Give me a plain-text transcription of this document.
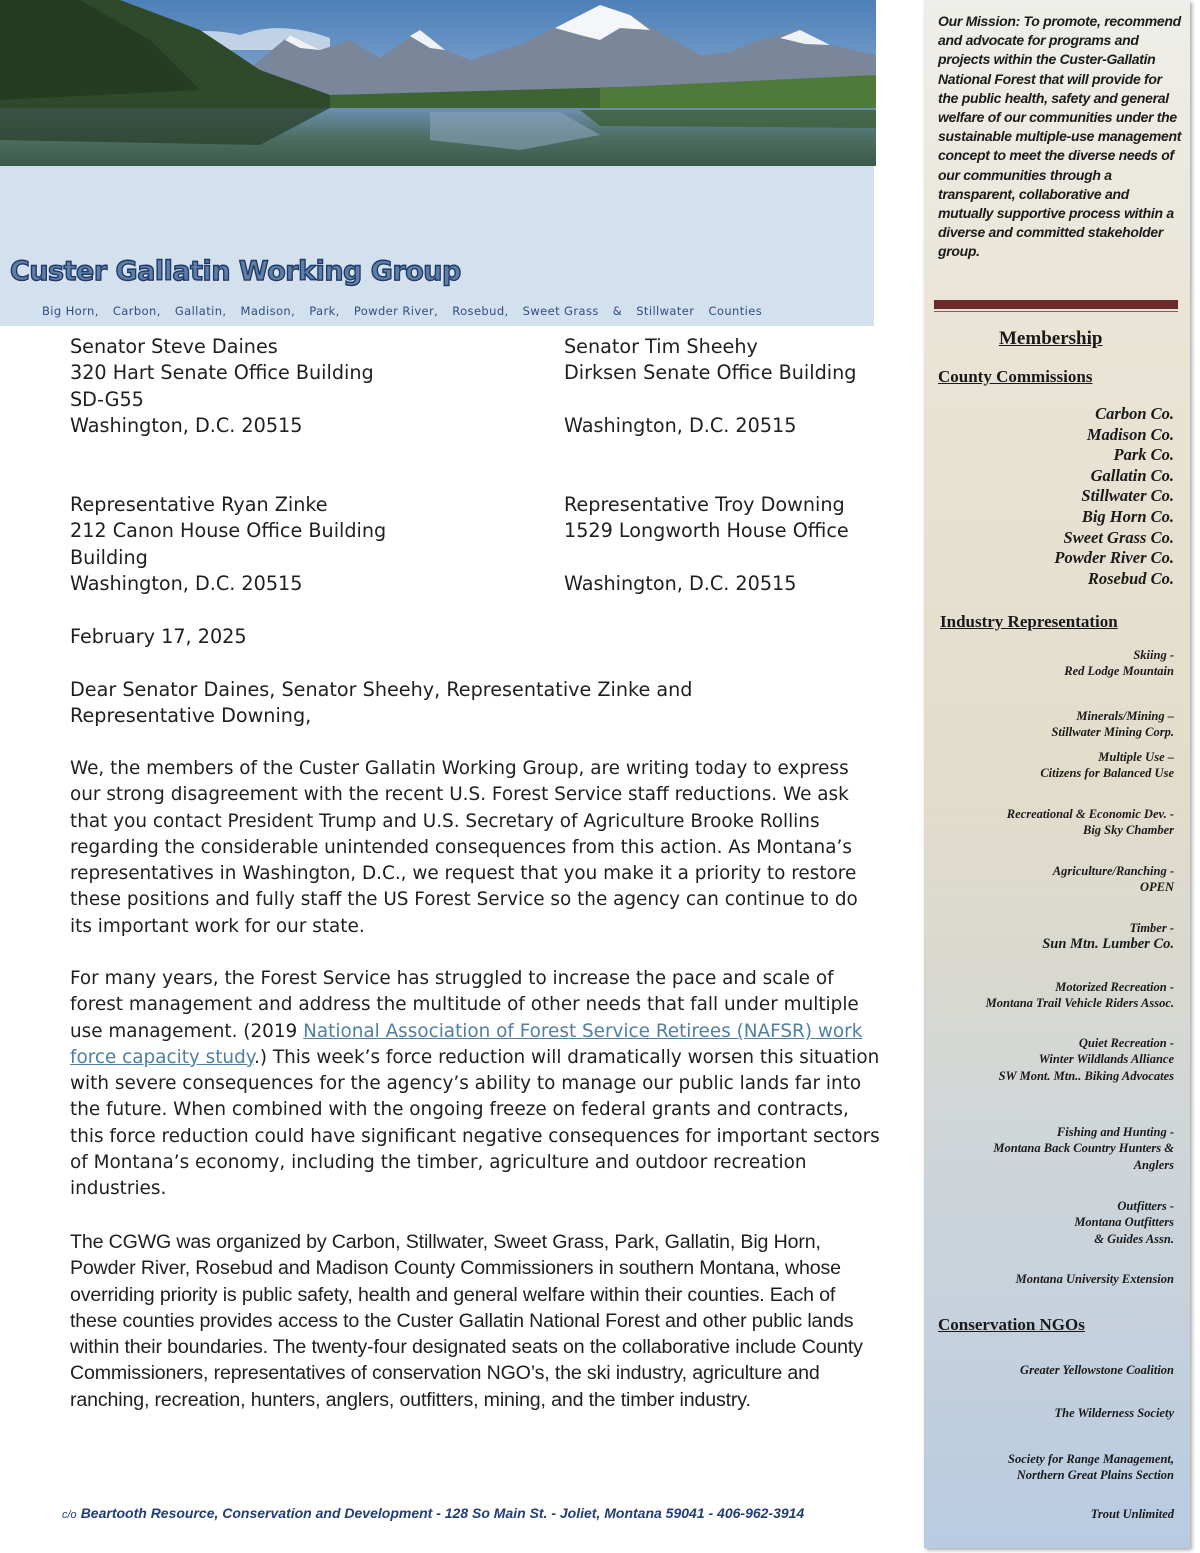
Custer Gallatin Working Group
Big Horn, Carbon, Gallatin, Madison, Park, Powder River, Rosebud, Sweet Grass & Stillwater Counties
Senator Steve Daines
320 Hart Senate Office Building
SD-G55
Washington, D.C. 20515
Senator Tim Sheehy
Dirksen Senate Office Building
Washington, D.C. 20515
Representative Ryan Zinke
212 Canon House Office Building
Building
Washington, D.C. 20515
Representative Troy Downing
1529 Longworth House Office
Washington, D.C. 20515
February 17, 2025
Dear Senator Daines, Senator Sheehy, Representative Zinke and Representative Downing,
We, the members of the Custer Gallatin Working Group, are writing today to express our strong disagreement with the recent U.S. Forest Service staff reductions. We ask that you contact President Trump and U.S. Secretary of Agriculture Brooke Rollins regarding the considerable unintended consequences from this action. As Montana’s representatives in Washington, D.C., we request that you make it a priority to restore these positions and fully staff the US Forest Service so the agency can continue to do its important work for our state.
For many years, the Forest Service has struggled to increase the pace and scale of forest management and address the multitude of other needs that fall under multiple use management. (2019 National Association of Forest Service Retirees (NAFSR) work force capacity study.) This week’s force reduction will dramatically worsen this situation with severe consequences for the agency’s ability to manage our public lands far into the future. When combined with the ongoing freeze on federal grants and contracts, this force reduction could have significant negative consequences for important sectors of Montana’s economy, including the timber, agriculture and outdoor recreation industries.
The CGWG was organized by Carbon, Stillwater, Sweet Grass, Park, Gallatin, Big Horn, Powder River, Rosebud and Madison County Commissioners in southern Montana, whose overriding priority is public safety, health and general welfare within their counties. Each of these counties provides access to the Custer Gallatin National Forest and other public lands within their boundaries. The twenty-four designated seats on the collaborative include County Commissioners, representatives of conservation NGO’s, the ski industry, agriculture and ranching, recreation, hunters, anglers, outfitters, mining, and the timber industry.
c/o Beartooth Resource, Conservation and Development - 128 So Main St. - Joliet, Montana 59041 - 406-962-3914
Our Mission: To promote, recommend and advocate for programs and projects within the Custer-Gallatin National Forest that will provide for the public health, safety and general welfare of our communities under the sustainable multiple-use management concept to meet the diverse needs of our communities through a transparent, collaborative and mutually supportive process within a diverse and committed stakeholder group.
Membership
County Commissions
Carbon Co.
Madison Co.
Park Co.
Gallatin Co.
Stillwater Co.
Big Horn Co.
Sweet Grass Co.
Powder River Co.
Rosebud Co.
Industry Representation
Skiing -
Red Lodge Mountain
Minerals/Mining –
Stillwater Mining Corp.
Multiple Use –
Citizens for Balanced Use
Recreational & Economic Dev. -
Big Sky Chamber
Agriculture/Ranching -
OPEN
Timber -
Sun Mtn. Lumber Co.
Motorized Recreation -
Montana Trail Vehicle Riders Assoc.
Quiet Recreation -
Winter Wildlands Alliance
SW Mont. Mtn.. Biking Advocates
Fishing and Hunting -
Montana Back Country Hunters &
Anglers
Outfitters -
Montana Outfitters
& Guides Assn.
Montana University Extension
Conservation NGOs
Greater Yellowstone Coalition
The Wilderness Society
Society for Range Management,
Northern Great Plains Section
Trout Unlimited
